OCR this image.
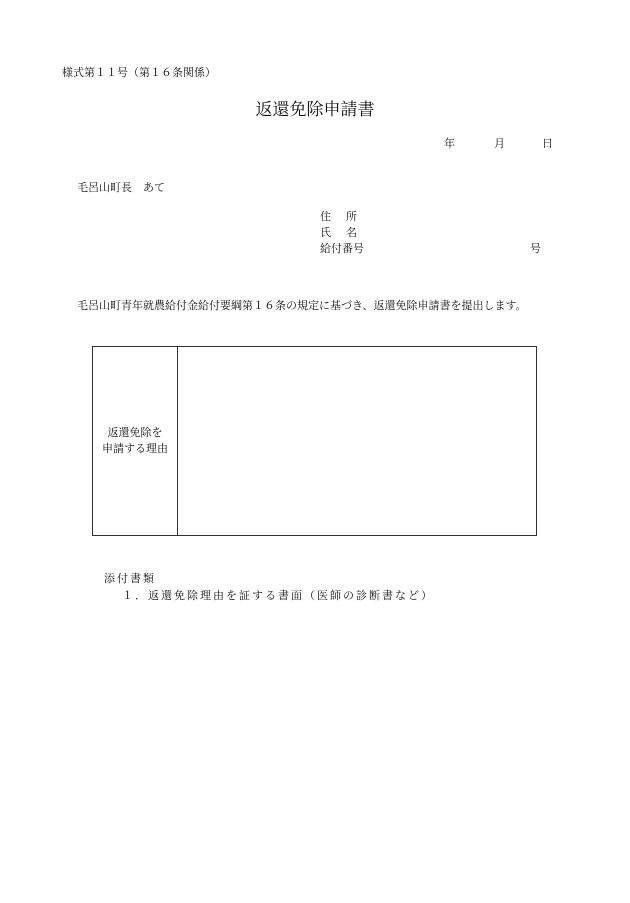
様式第１１号（第１６条関係）
返還免除申請書
年	月	日
毛呂山町長　あて
住 所
氏 名
給付番号	号
毛呂山町青年就農給付金給付要綱第１６条の規定に基づき、返還免除申請書を提出します。
返還免除を
申請する理由
添付書類
１．返還免除理由を証する書面（医師の診断書など）
